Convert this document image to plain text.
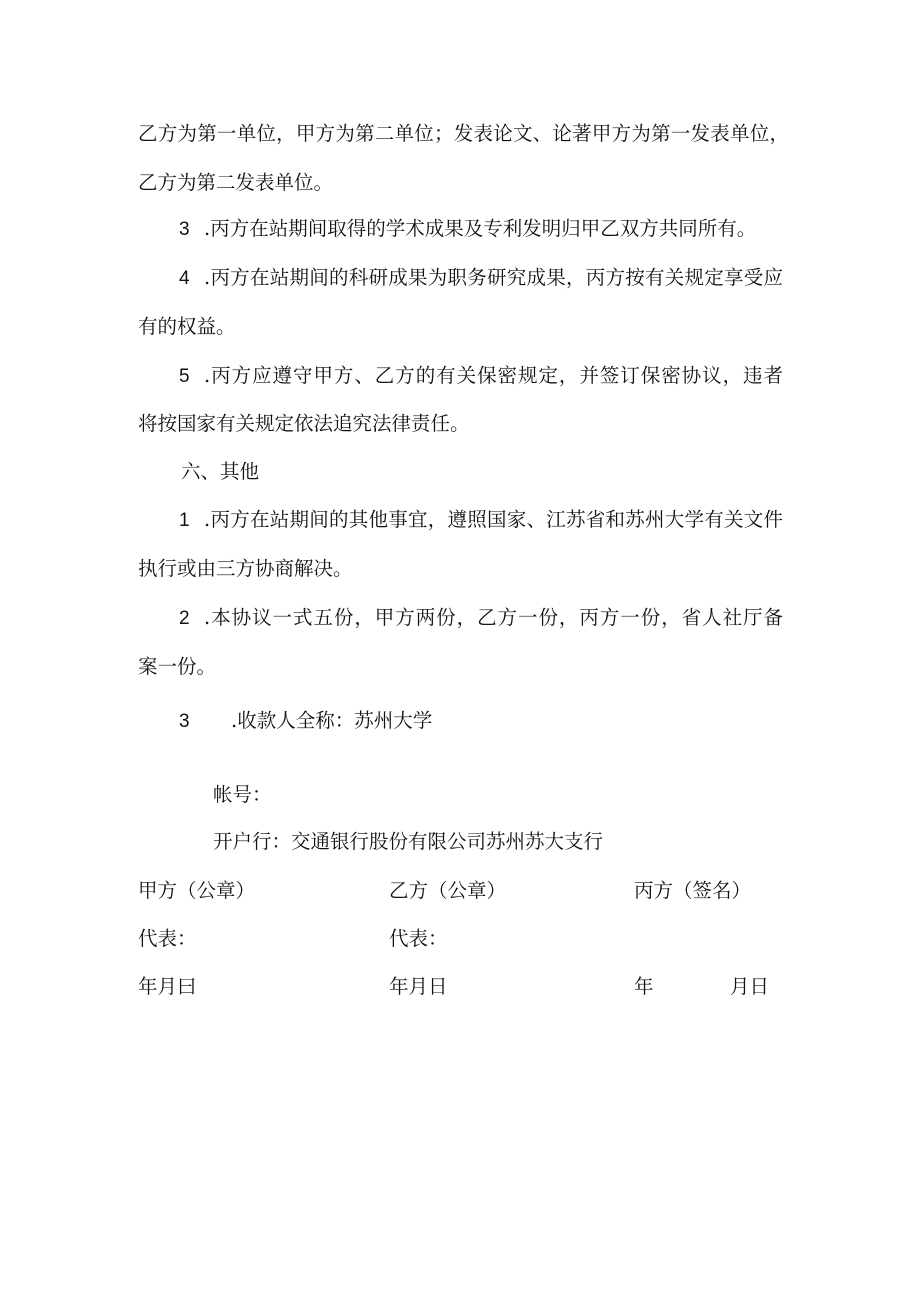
乙方为第一单位，甲方为第二单位；发表论文、论著甲方为第一发表单位，
乙方为第二发表单位。
3 .丙方在站期间取得的学术成果及专利发明归甲乙双方共同所有。
4 .丙方在站期间的科研成果为职务研究成果，丙方按有关规定享受应
有的权益。
5 .丙方应遵守甲方、乙方的有关保密规定，并签订保密协议，违者
将按国家有关规定依法追究法律责任。
六、其他
1 .丙方在站期间的其他事宜，遵照国家、江苏省和苏州大学有关文件
执行或由三方协商解决。
2 .本协议一式五份，甲方两份，乙方一份，丙方一份，省人社厅备
案一份。
3 .收款人全称：苏州大学
帐号：
开户行：交通银行股份有限公司苏州苏大支行
甲方（公章）	乙方（公章）	丙方（签名）
代表：	代表：
年月曰	年月日	年	月日
